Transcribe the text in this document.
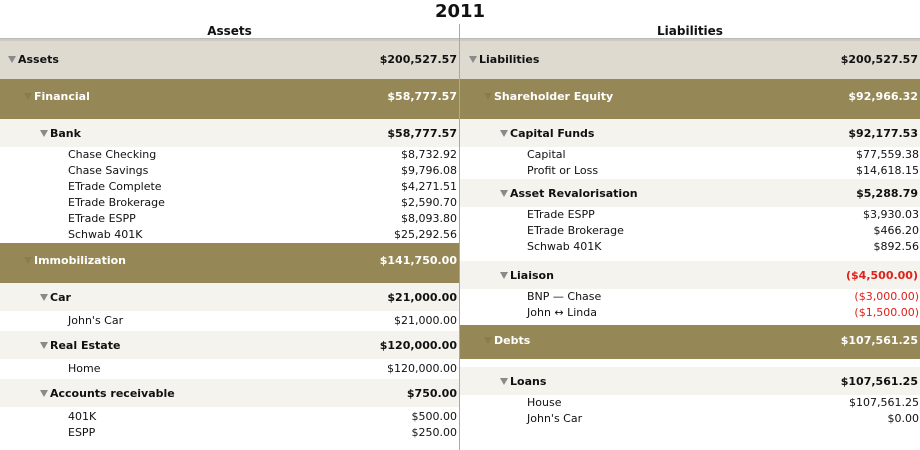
2011
Assets	Liabilities
Assets	$200,527.57
Financial	$58,777.57
Bank	$58,777.57
Chase Checking	$8,732.92
Chase Savings	$9,796.08
ETrade Complete	$4,271.51
ETrade Brokerage	$2,590.70
ETrade ESPP	$8,093.80
Schwab 401K	$25,292.56
Immobilization	$141,750.00
Car	$21,000.00
John's Car	$21,000.00
Real Estate	$120,000.00
Home	$120,000.00
Accounts receivable	$750.00
401K	$500.00
ESPP	$250.00
Liabilities	$200,527.57
Shareholder Equity	$92,966.32
Capital Funds	$92,177.53
Capital	$77,559.38
Profit or Loss	$14,618.15
Asset Revalorisation	$5,288.79
ETrade ESPP	$3,930.03
ETrade Brokerage	$466.20
Schwab 401K	$892.56
Liaison	($4,500.00)
BNP — Chase	($3,000.00)
John ↔ Linda	($1,500.00)
Debts	$107,561.25
Loans	$107,561.25
House	$107,561.25
John's Car	$0.00
